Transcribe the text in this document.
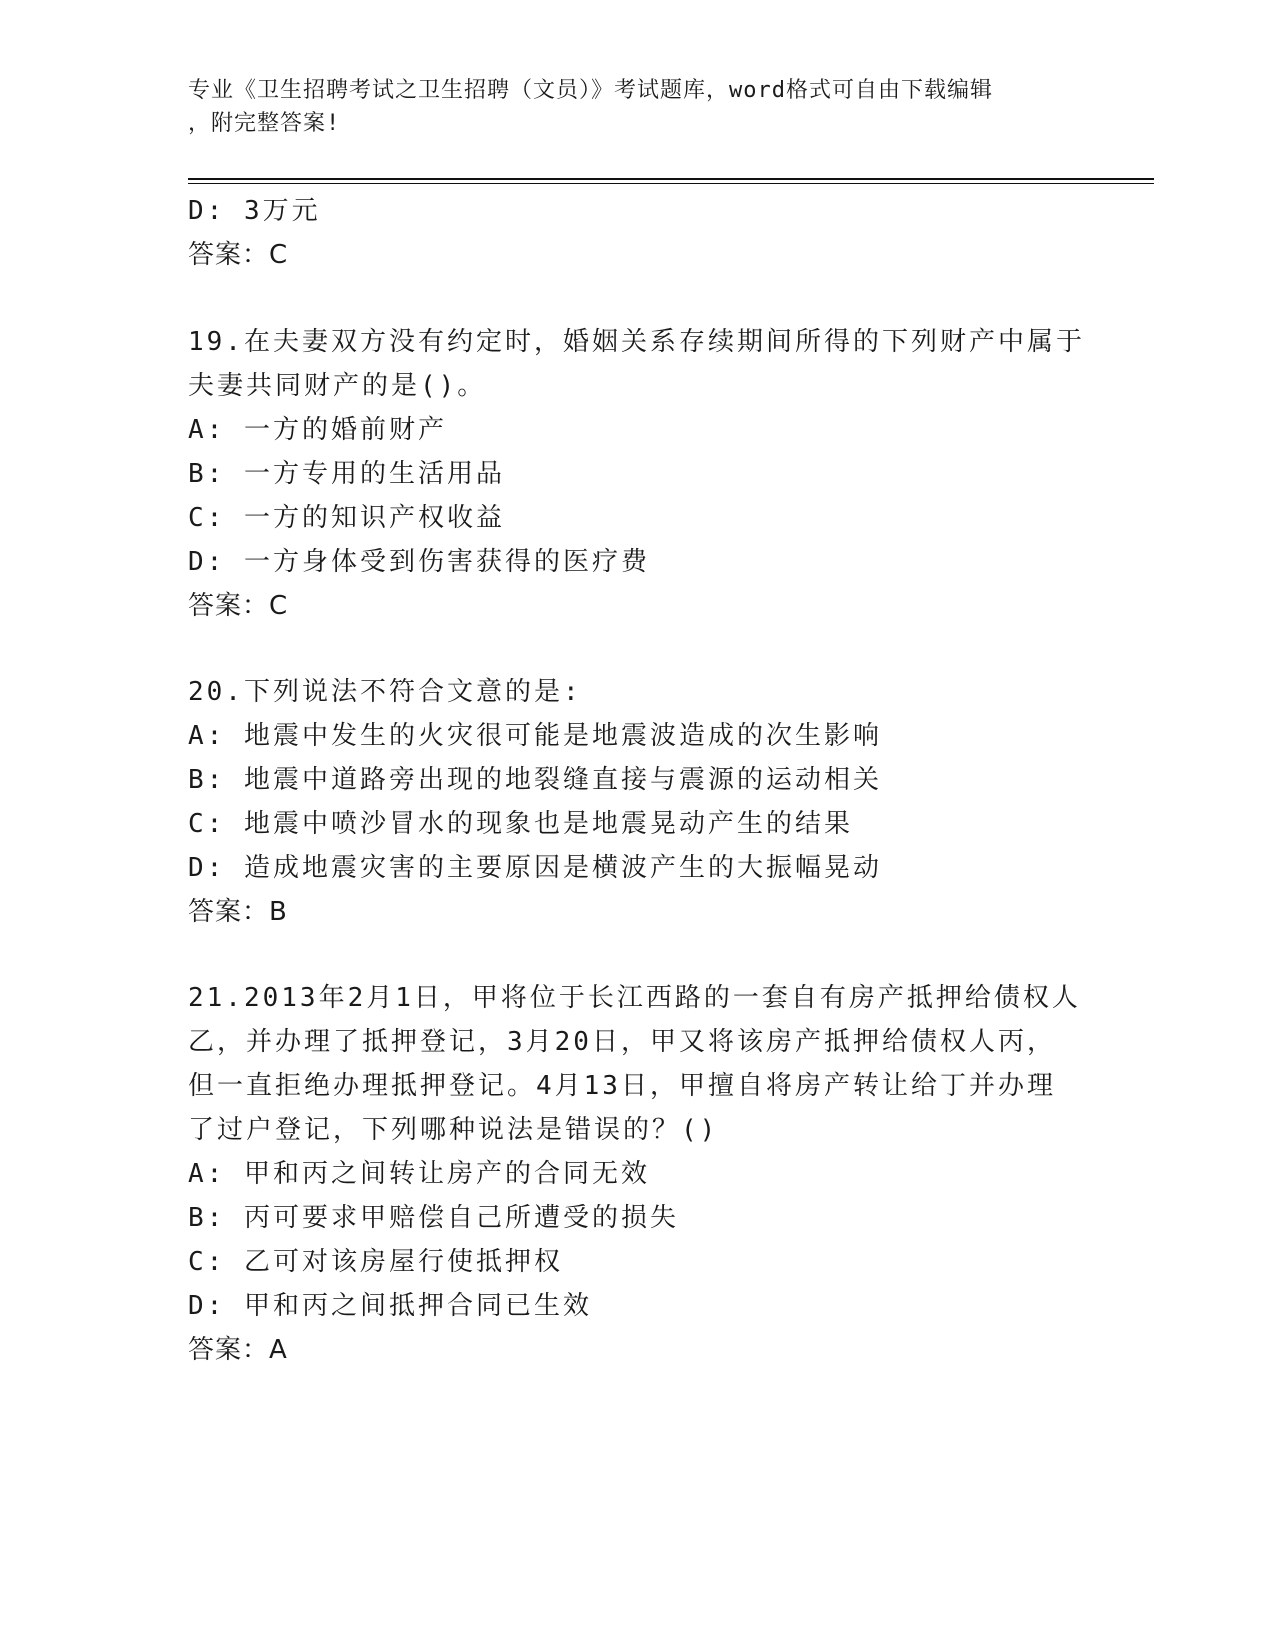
专业《卫生招聘考试之卫生招聘（文员）》考试题库，word格式可自由下载编辑
，附完整答案!
D: 3万元
答案：C
19.在夫妻双方没有约定时，婚姻关系存续期间所得的下列财产中属于
夫妻共同财产的是()。
A: 一方的婚前财产
B: 一方专用的生活用品
C: 一方的知识产权收益
D: 一方身体受到伤害获得的医疗费
答案：C
20.下列说法不符合文意的是:
A: 地震中发生的火灾很可能是地震波造成的次生影响
B: 地震中道路旁出现的地裂缝直接与震源的运动相关
C: 地震中喷沙冒水的现象也是地震晃动产生的结果
D: 造成地震灾害的主要原因是横波产生的大振幅晃动
答案：B
21.2013年2月1日，甲将位于长江西路的一套自有房产抵押给债权人
乙，并办理了抵押登记，3月20日，甲又将该房产抵押给债权人丙，
但一直拒绝办理抵押登记。4月13日，甲擅自将房产转让给丁并办理
了过户登记，下列哪种说法是错误的？()
A: 甲和丙之间转让房产的合同无效
B: 丙可要求甲赔偿自己所遭受的损失
C: 乙可对该房屋行使抵押权
D: 甲和丙之间抵押合同已生效
答案：A
